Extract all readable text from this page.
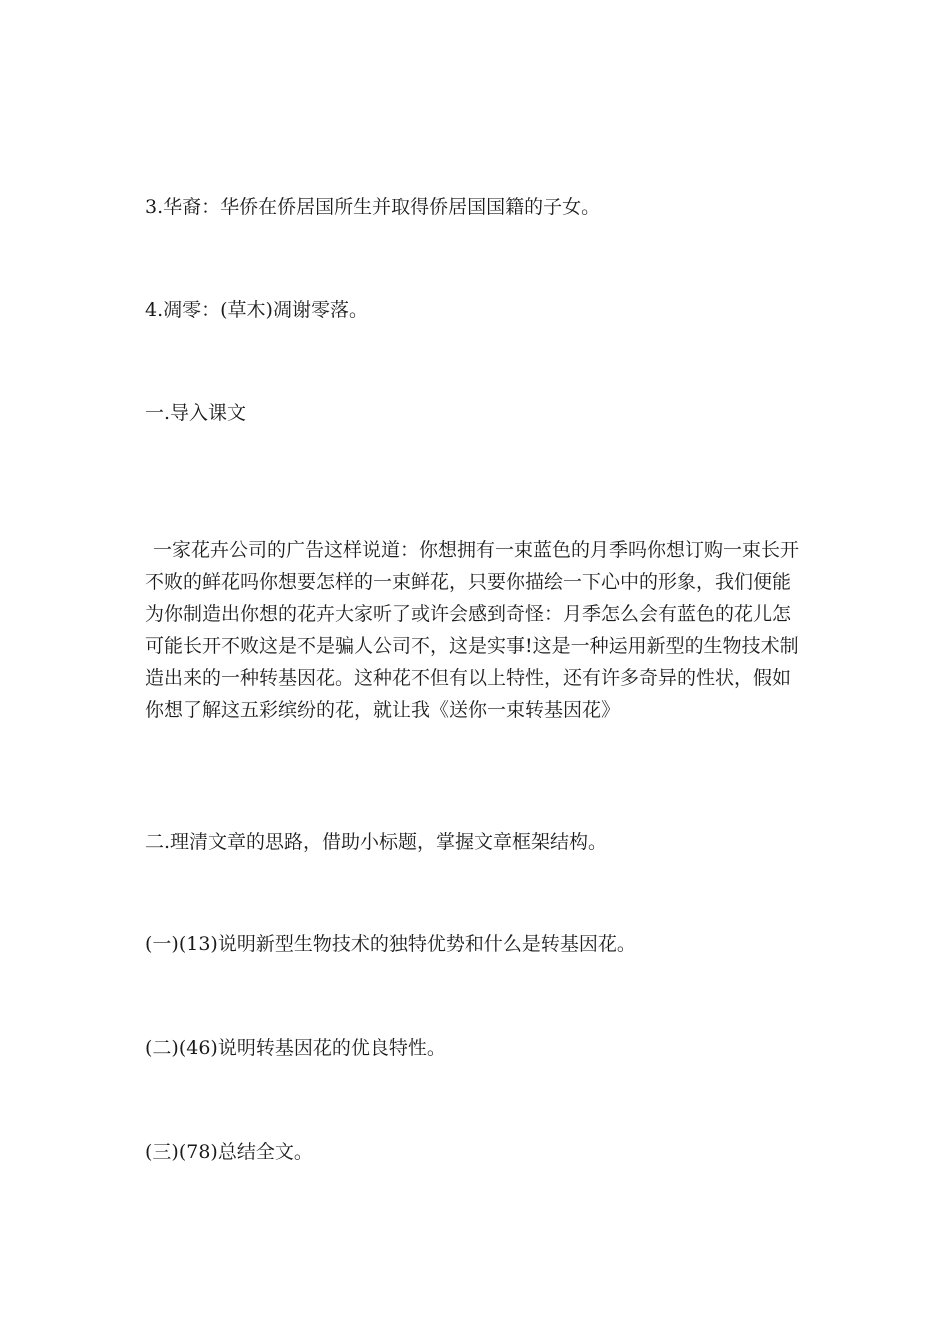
3.华裔：华侨在侨居国所生并取得侨居国国籍的子女。

4.凋零：(草木)凋谢零落。

一.导入课文

一家花卉公司的广告这样说道：你想拥有一束蓝色的月季吗你想订购一束长开
不败的鲜花吗你想要怎样的一束鲜花，只要你描绘一下心中的形象，我们便能
为你制造出你想的花卉大家听了或许会感到奇怪：月季怎么会有蓝色的花儿怎
可能长开不败这是不是骗人公司不，这是实事!这是一种运用新型的生物技术制
造出来的一种转基因花。这种花不但有以上特性，还有许多奇异的性状，假如
你想了解这五彩缤纷的花，就让我《送你一束转基因花》

二.理清文章的思路，借助小标题，掌握文章框架结构。

(一)(13)说明新型生物技术的独特优势和什么是转基因花。

(二)(46)说明转基因花的优良特性。

(三)(78)总结全文。
